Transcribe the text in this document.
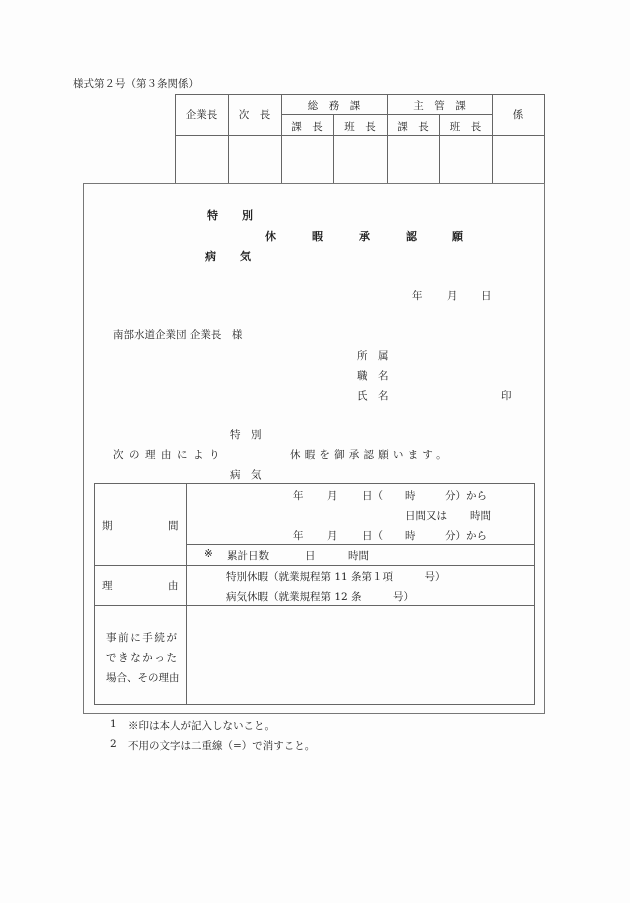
様式第２号（第３条関係）
企業長	次　長
総　務　課
課　長	班　長
主　管　課
課　長	班　長
係
特 別
休	暇	承	認	願
病 気
年 月 日
南部水道企業団 企業長　様
所　属
職　名
氏　名	印
特　別
次の理由により	休暇を御承認願います。
病　気
期	間
年 月 日（ 時	分）から
日間又は 時間
年 月 日（ 時	分）から
※ 累計日数	日	時間
理	由
特別休暇（就業規程第 11 条第１項　　　号）
病気休暇（就業規程第 12 条　　　号）
事前に手続が
できなかった
場合、その理由
1 ※印は本人が記入しないこと。
2 不用の文字は二重線（=）で消すこと。
